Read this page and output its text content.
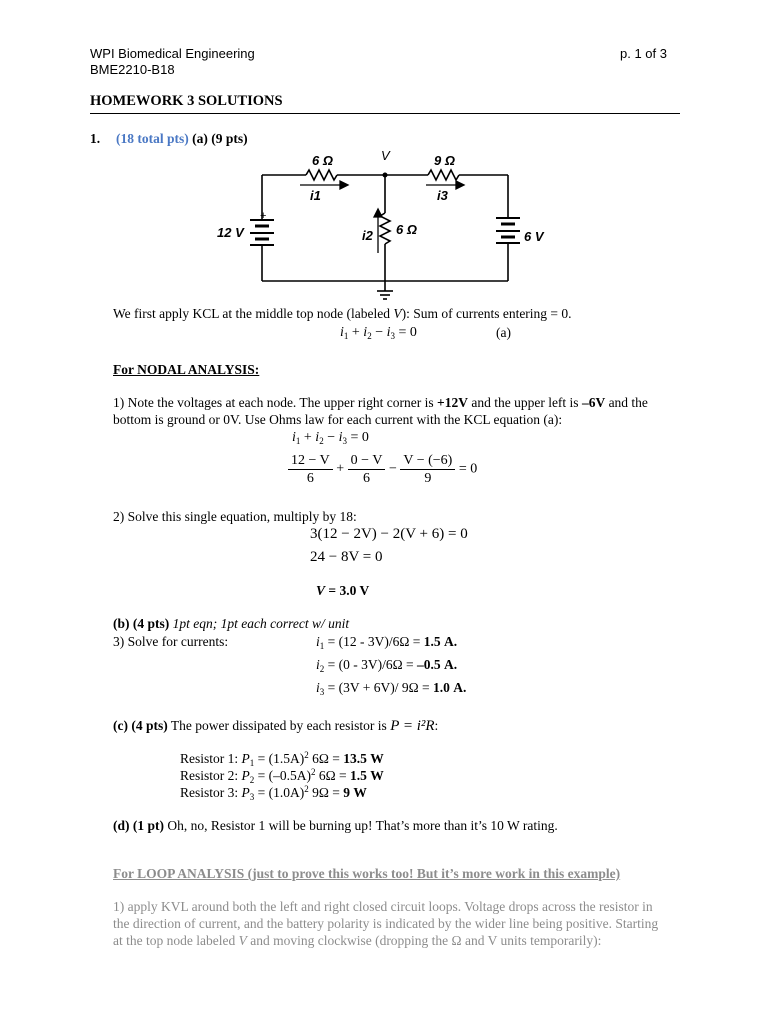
WPI Biomedical Engineering
BME2210-B18
p. 1 of 3
HOMEWORK 3 SOLUTIONS
1. (18 total pts) (a) (9 pts)
6 Ω	9 Ω
6 Ω
i1	i3
i2
V
12 V	6 V
+
We first apply KCL at the middle top node (labeled V): Sum of currents entering = 0.
$i_1 + i_2 - i_3 = 0$	(a)
For NODAL ANALYSIS:
1) Note the voltages at each node. The upper right corner is +12V and the upper left is –6V and the
bottom is ground or 0V. Use Ohms law for each current with the KCL equation (a):
$i_1 + i_2 - i_3 = 0$
$\frac{12 - V}{6} + \frac{0 - V}{6} - \frac{V - (-6)}{9} = 0$
2) Solve this single equation, multiply by 18:
3(12 − 2V) − 2(V + 6) = 0
24 − 8V = 0
V = 3.0 V
(b) (4 pts) 1pt eqn; 1pt each correct w/ unit
3) Solve for currents:	$i_1 = (12 - 3V)/6\Omega = 1.5$ A.
$i_2 = (0 - 3V)/6\Omega = -0.5$ A.
$i_3 = (3V + 6V)/$ 9Ω = 1.0 A.
(c) (4 pts) The power dissipated by each resistor is P = i²R:
Resistor 1: $P_1 = (1.5A)^2$ 6Ω = 13.5 W
Resistor 2: $P_2 = (-0.5A)^2$ 6Ω = 1.5 W
Resistor 3: $P_3 = (1.0A)^2$ 9Ω = 9 W
(d) (1 pt) Oh, no, Resistor 1 will be burning up! That’s more than it’s 10 W rating.
For LOOP ANALYSIS (just to prove this works too! But it’s more work in this example)
1) apply KVL around both the left and right closed circuit loops. Voltage drops across the resistor in
the direction of current, and the battery polarity is indicated by the wider line being positive. Starting
at the top node labeled V and moving clockwise (dropping the Ω and V units temporarily):
